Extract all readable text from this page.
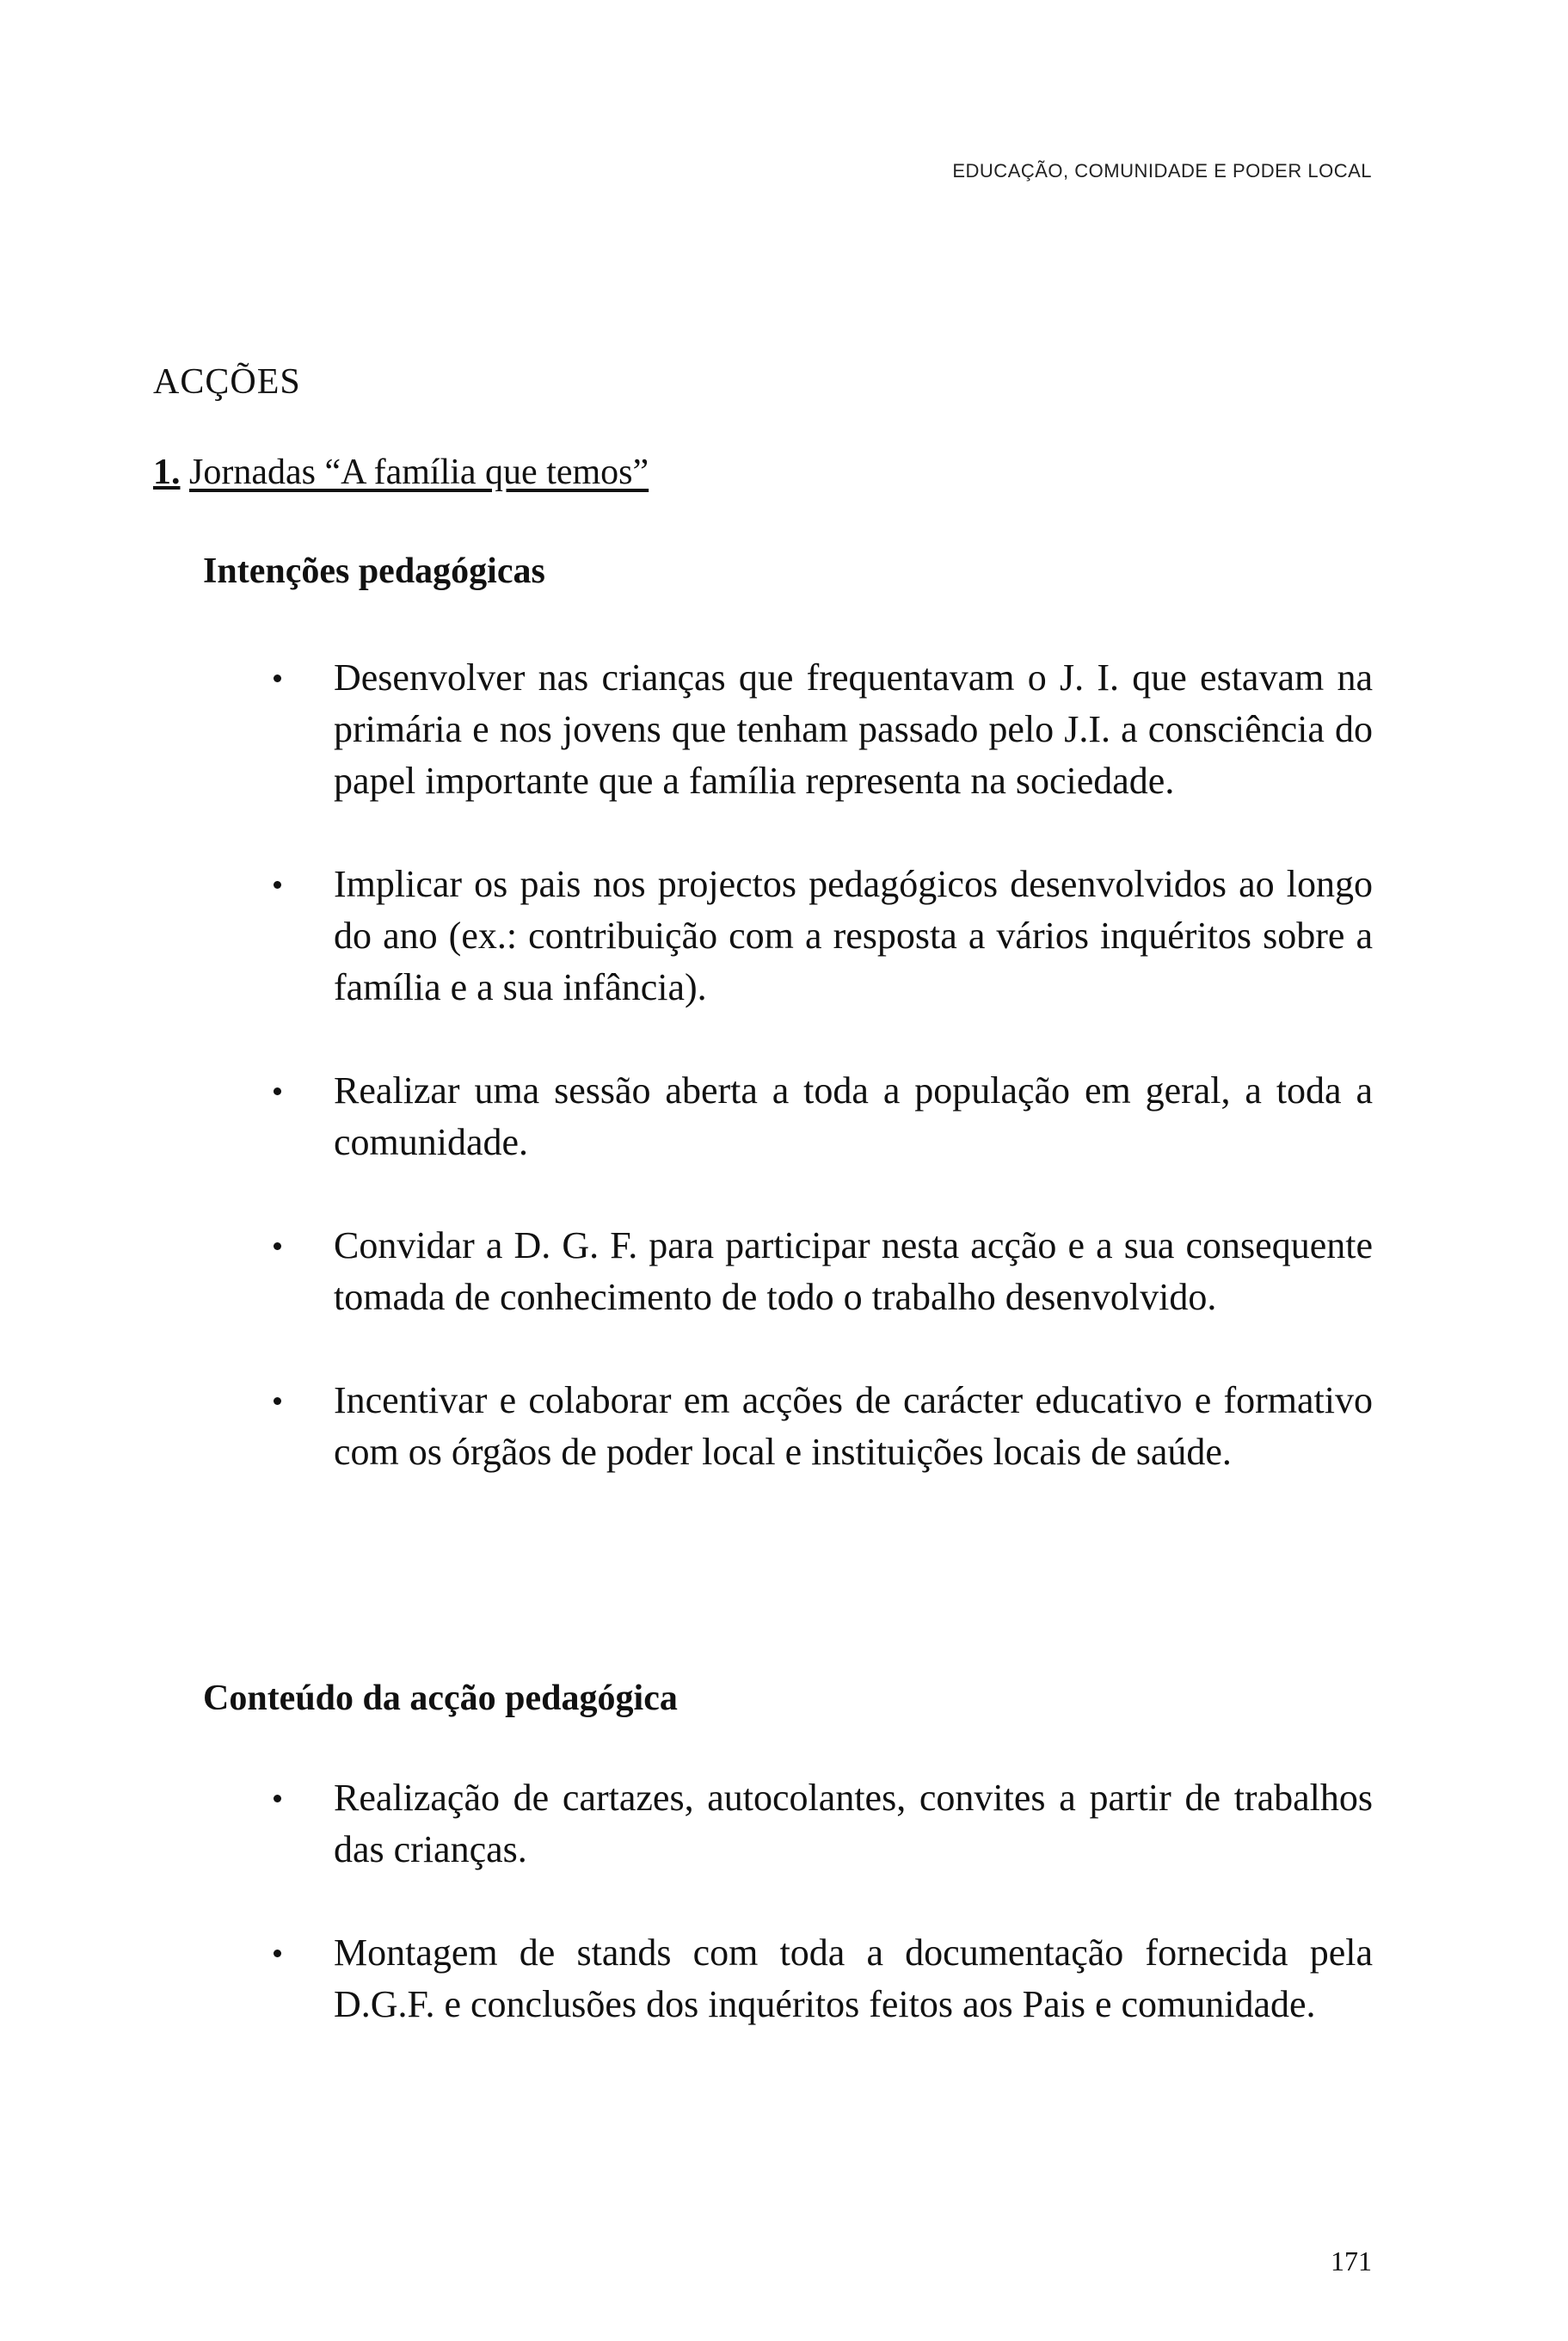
EDUCAÇÃO, COMUNIDADE E PODER LOCAL
ACÇÕES
1. Jornadas “A família que temos”
Intenções pedagógicas
Desenvolver nas crianças que frequentavam o J. I. que estavam na primária e nos jovens que tenham passado pelo J.I. a consciência do papel importante que a família representa na sociedade.
Implicar os pais nos projectos pedagógicos desenvolvidos ao longo do ano (ex.: contribuição com a resposta a vários inquéritos sobre a família e a sua infância).
Realizar uma sessão aberta a toda a população em geral, a toda a comunidade.
Convidar a D. G. F. para participar nesta acção e a sua consequente tomada de conhecimento de todo o trabalho desenvolvido.
Incentivar e colaborar em acções de carácter educativo e formativo com os órgãos de poder local e instituições locais de saúde.
Conteúdo da acção pedagógica
Realização de cartazes, autocolantes, convites a partir de trabalhos das crianças.
Montagem de stands com toda a documentação fornecida pela D.G.F. e conclusões dos inquéritos feitos aos Pais e comunidade.
171
